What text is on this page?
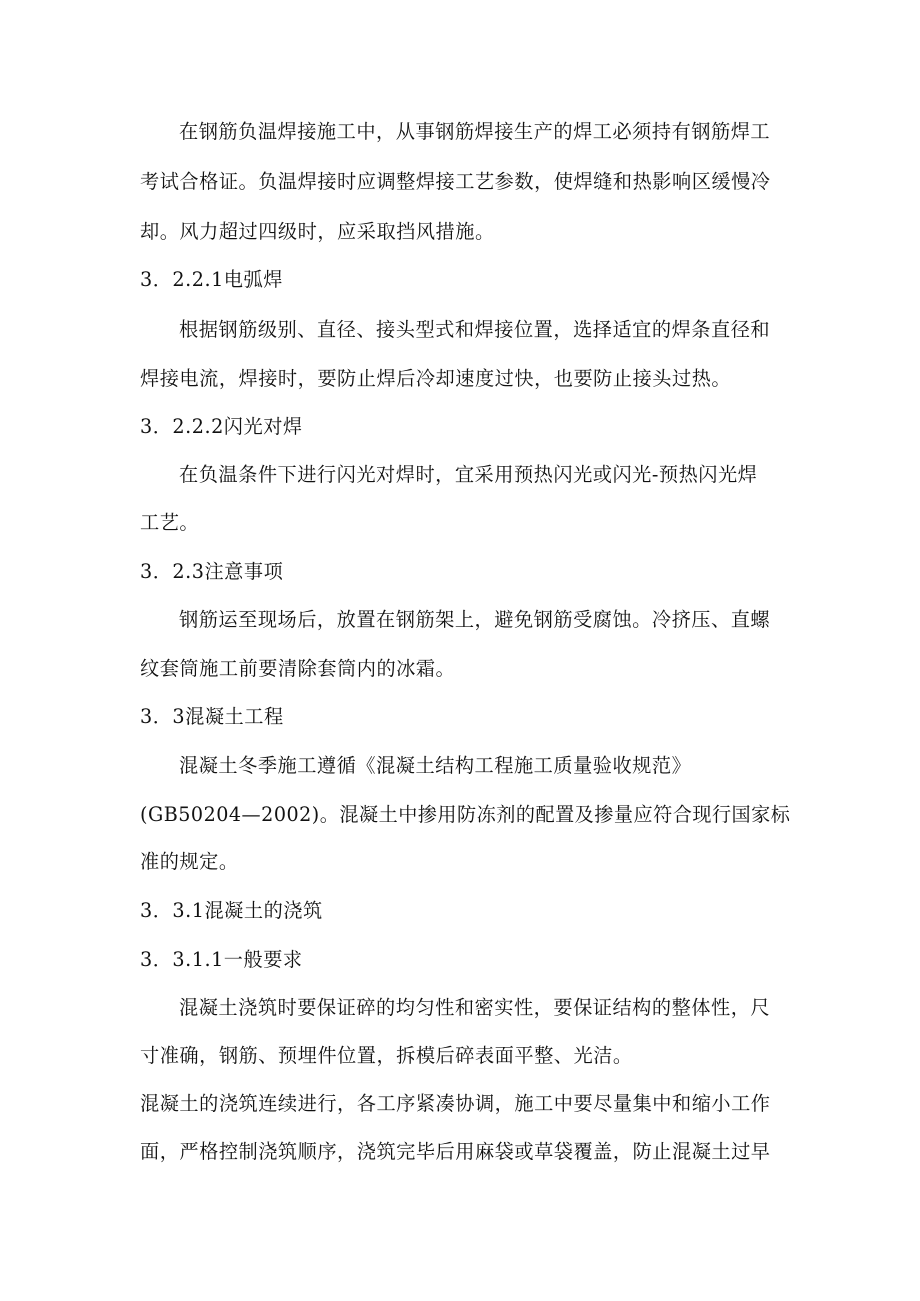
在钢筋负温焊接施工中，从事钢筋焊接生产的焊工必须持有钢筋焊工
考试合格证。负温焊接时应调整焊接工艺参数，使焊缝和热影响区缓慢冷
却。风力超过四级时，应采取挡风措施。
3．2.2.1电弧焊
根据钢筋级别、直径、接头型式和焊接位置，选择适宜的焊条直径和
焊接电流，焊接时，要防止焊后冷却速度过快，也要防止接头过热。
3．2.2.2闪光对焊
在负温条件下进行闪光对焊时，宜采用预热闪光或闪光-预热闪光焊
工艺。
3．2.3注意事项
钢筋运至现场后，放置在钢筋架上，避免钢筋受腐蚀。冷挤压、直螺
纹套筒施工前要清除套筒内的冰霜。
3．3混凝土工程
混凝土冬季施工遵循《混凝土结构工程施工质量验收规范》
(GB50204—2002)。混凝土中掺用防冻剂的配置及掺量应符合现行国家标
准的规定。
3．3.1混凝土的浇筑
3．3.1.1一般要求
混凝土浇筑时要保证碎的均匀性和密实性，要保证结构的整体性，尺
寸准确，钢筋、预埋件位置，拆模后碎表面平整、光洁。
混凝土的浇筑连续进行，各工序紧凑协调，施工中要尽量集中和缩小工作
面，严格控制浇筑顺序，浇筑完毕后用麻袋或草袋覆盖，防止混凝土过早
